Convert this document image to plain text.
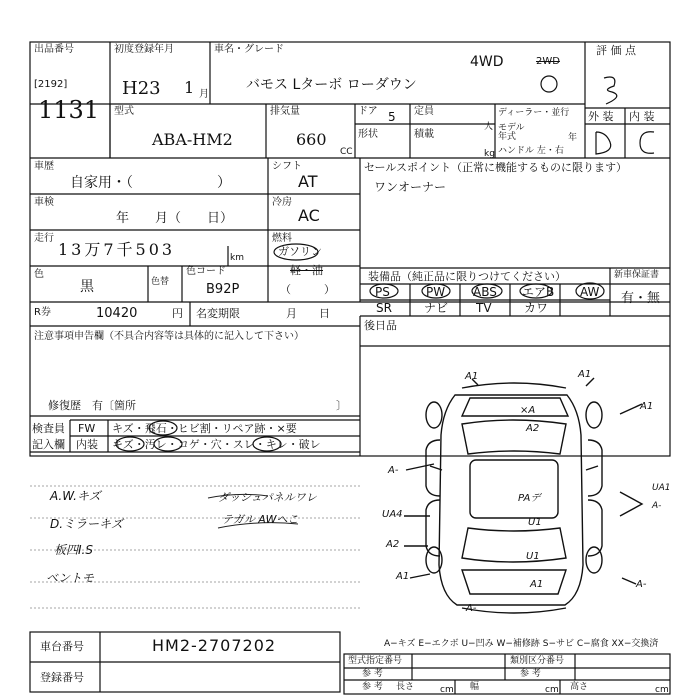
出品番号
[2192]
1131
初度登録年月
H23 1 月
車名・グレード
4WD	2WD
バモス Lターボ ローダウン
評 価 点
型式
ABA-HM2
排気量
660
CC
ドア 5
形状
定員
人
積載
kg
ディーラー・並行
モデル年式	年
ハンドル 左・右
外 装 内 装
車歴
自家用・（　　　　　　）
シフト
AT
セールスポイント（正常に機能するものに限ります）
ワンオーナー
車検
年　　月（　　日）
冷房
AC
走行
13万7千503	km
燃料
ガソリン
軽・油
（　　　）
色
黒	色替
色コード
B92P
装備品（純正品に限りつけてください）	新車保証書
有・無
PS	PW ABS エアB AW
SR	ナビ TV	カワ
後日品
R券	10420	円 名変期限	月　　日
注意事項申告欄（不具合内容等は具体的に記入して下さい）
修復歴　有〔箇所	〕
検査員
記入欄
FW
内装
キズ・飛石・ヒビ割・リペア跡・×要
キズ・汚レ・コゲ・穴・スレ・キレ・破レ
A.W.キズ
D.ミラーキズ
板四I.S
ベントモ
ダッシュパネルワレ
テガル AWへこ
A1	A1
×A
A2
A1
A-
UA1
PAデ
UA4
U1
A-
A2
U1
A1
A1	A-
A-
車台番号	HM2-2707202
登録番号
A−キズ E−エクボ U−凹み W−補修跡 S−サビ C−腐食 XX−交換済
型式指定番号	類別区分番号
参 考	参 考
参 考 長さ	幅	高さ
cm	cm	cm
